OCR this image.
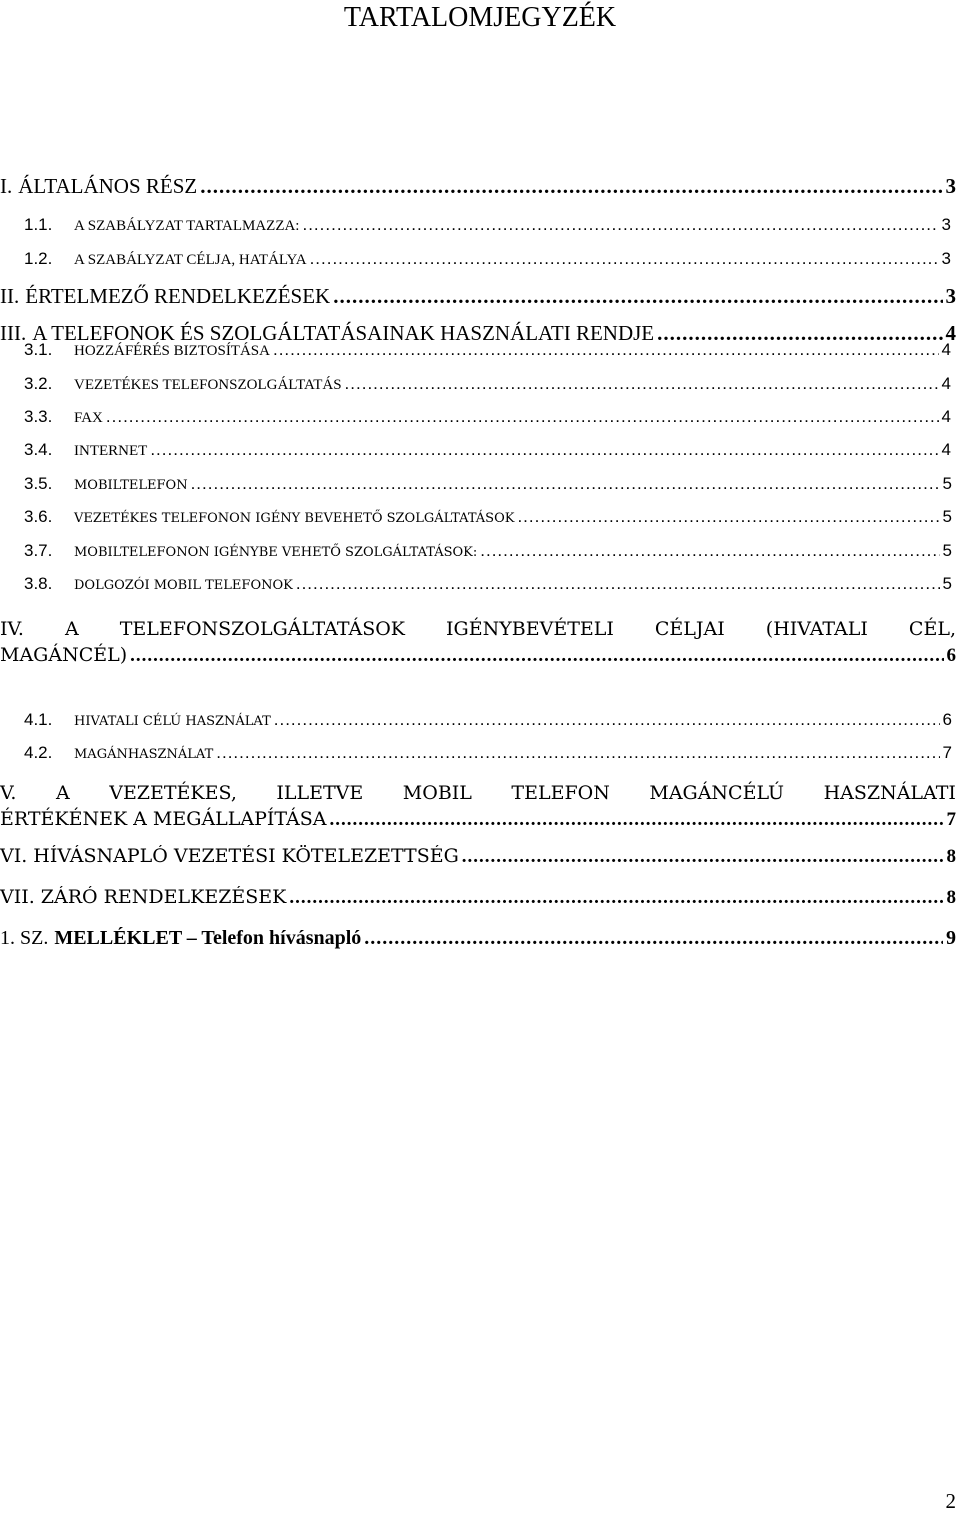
TARTALOMJEGYZÉK
I. ÁLTALÁNOS RÉSZ .....	3
1.1.	A SZABÁLYZAT TARTALMAZZA: .....	3
1.2.	A SZABÁLYZAT CÉLJA, HATÁLYA .....	3
II. ÉRTELMEZŐ RENDELKEZÉSEK .....	3
III. A TELEFONOK ÉS SZOLGÁLTATÁSAINAK HASZNÁLATI RENDJE .....	4
3.1.	HOZZÁFÉRÉS BIZTOSÍTÁSA .....	4
3.2.	VEZETÉKES TELEFONSZOLGÁLTATÁS .....	4
3.3.	FAX .....	4
3.4.	INTERNET .....	4
3.5.	MOBILTELEFON .....	5
3.6.	VEZETÉKES TELEFONON IGÉNY BEVEHETŐ SZOLGÁLTATÁSOK .....	5
3.7.	MOBILTELEFONON IGÉNYBE VEHETŐ SZOLGÁLTATÁSOK: .....	5
3.8.	DOLGOZÓI MOBIL TELEFONOK .....	5
IV. A TELEFONSZOLGÁLTATÁSOK IGÉNYBEVÉTELI CÉLJAI (HIVATALI CÉL,
MAGÁNCÉL) .....	6
4.1.	HIVATALI CÉLÚ HASZNÁLAT .....	6
4.2.	MAGÁNHASZNÁLAT .....	7
V. A VEZETÉKES, ILLETVE MOBIL TELEFON MAGÁNCÉLÚ HASZNÁLATI
ÉRTÉKÉNEK A MEGÁLLAPÍTÁSA .....	7
VI. HÍVÁSNAPLÓ VEZETÉSI KÖTELEZETTSÉG .....	8
VII. ZÁRÓ RENDELKEZÉSEK .....	8
1. SZ. MELLÉKLET – Telefon hívásnapló .....	9
2
